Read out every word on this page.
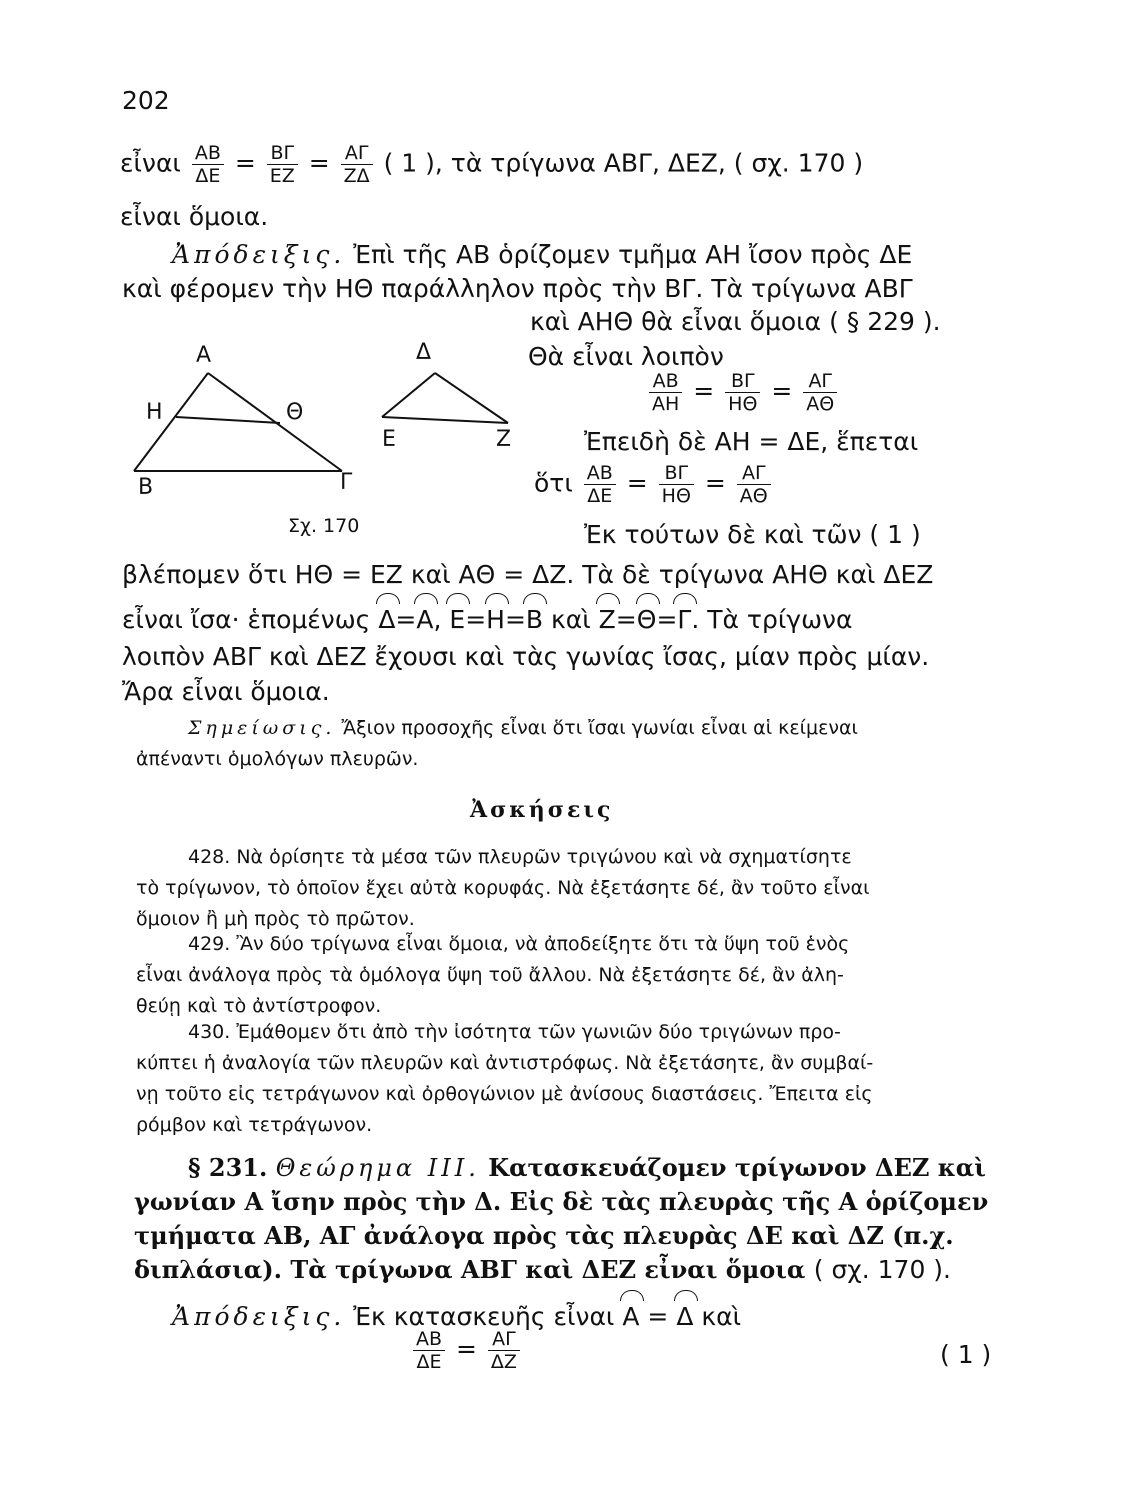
202
εἶναι $\frac{AB}{\Delta E} = \frac{B\Gamma}{EZ} = \frac{A\Gamma}{Z\Delta}$ ( 1 ), τὰ τρίγωνα ΑΒΓ, ΔΕΖ, ( σχ. 170 )
εἶναι ὅμοια.
Ἀπόδειξις. Ἐπὶ τῆς ΑΒ ὁρίζομεν τμῆμα ΑΗ ἴσον πρὸς ΔΕ
καὶ φέρομεν τὴν ΗΘ παράλληλον πρὸς τὴν ΒΓ. Τὰ τρίγωνα ΑΒΓ
καὶ ΑΗΘ θὰ εἶναι ὅμοια ( § 229 ).
Θὰ εἶναι λοιπὸν
$\frac{AB}{AH} = \frac{B\Gamma}{H\Theta} = \frac{A\Gamma}{A\Theta}$
Ἐπειδὴ δὲ ΑΗ = ΔΕ, ἕπεται
ὅτι $\frac{AB}{\Delta E} = \frac{B\Gamma}{H\Theta} = \frac{A\Gamma}{A\Theta}$
Ἐκ τούτων δὲ καὶ τῶν ( 1 )
Α
Η	Θ
Β	Γ
Δ
Ε	Ζ
Σχ. 170
βλέπομεν ὅτι ΗΘ = ΕΖ καὶ ΑΘ = ΔΖ. Τὰ δὲ τρίγωνα ΑΗΘ καὶ ΔΕΖ
εἶναι ἴσα· ἑπομένως Δ=Α, Ε=Η=Β καὶ Ζ=Θ=Γ. Τὰ τρίγωνα
λοιπὸν ΑΒΓ καὶ ΔΕΖ ἔχουσι καὶ τὰς γωνίας ἴσας, μίαν πρὸς μίαν.
Ἄρα εἶναι ὅμοια.
Σημείωσις. Ἄξιον προσοχῆς εἶναι ὅτι ἴσαι γωνίαι εἶναι αἱ κείμεναι
ἀπέναντι ὁμολόγων πλευρῶν.
Ἀσκήσεις
428. Νὰ ὁρίσητε τὰ μέσα τῶν πλευρῶν τριγώνου καὶ νὰ σχηματίσητε
τὸ τρίγωνον, τὸ ὁποῖον ἔχει αὐτὰ κορυφάς. Νὰ ἐξετάσητε δέ, ἂν τοῦτο εἶναι
ὅμοιον ἢ μὴ πρὸς τὸ πρῶτον.
429. Ἂν δύο τρίγωνα εἶναι ὅμοια, νὰ ἀποδείξητε ὅτι τὰ ὕψη τοῦ ἑνὸς
εἶναι ἀνάλογα πρὸς τὰ ὁμόλογα ὕψη τοῦ ἄλλου. Νὰ ἐξετάσητε δέ, ἂν ἀλη-
θεύῃ καὶ τὸ ἀντίστροφον.
430. Ἐμάθομεν ὅτι ἀπὸ τὴν ἰσότητα τῶν γωνιῶν δύο τριγώνων προ-
κύπτει ἡ ἀναλογία τῶν πλευρῶν καὶ ἀντιστρόφως. Νὰ ἐξετάσητε, ἂν συμβαί-
νῃ τοῦτο εἰς τετράγωνον καὶ ὀρθογώνιον μὲ ἀνίσους διαστάσεις. Ἔπειτα εἰς
ρόμβον καὶ τετράγωνον.
§ 231. Θεώρημα ΙΙΙ. Κατασκευάζομεν τρίγωνον ΔΕΖ καὶ
γωνίαν Α ἴσην πρὸς τὴν Δ. Εἰς δὲ τὰς πλευρὰς τῆς Α ὁρίζομεν
τμήματα ΑΒ, ΑΓ ἀνάλογα πρὸς τὰς πλευρὰς ΔΕ καὶ ΔΖ (π.χ.
διπλάσια). Τὰ τρίγωνα ΑΒΓ καὶ ΔΕΖ εἶναι ὅμοια ( σχ. 170 ).
Ἀπόδειξις. Ἐκ κατασκευῆς εἶναι Α = Δ καὶ
$\frac{AB}{\Delta E} = \frac{A\Gamma}{\Delta Z}$	( 1 )
